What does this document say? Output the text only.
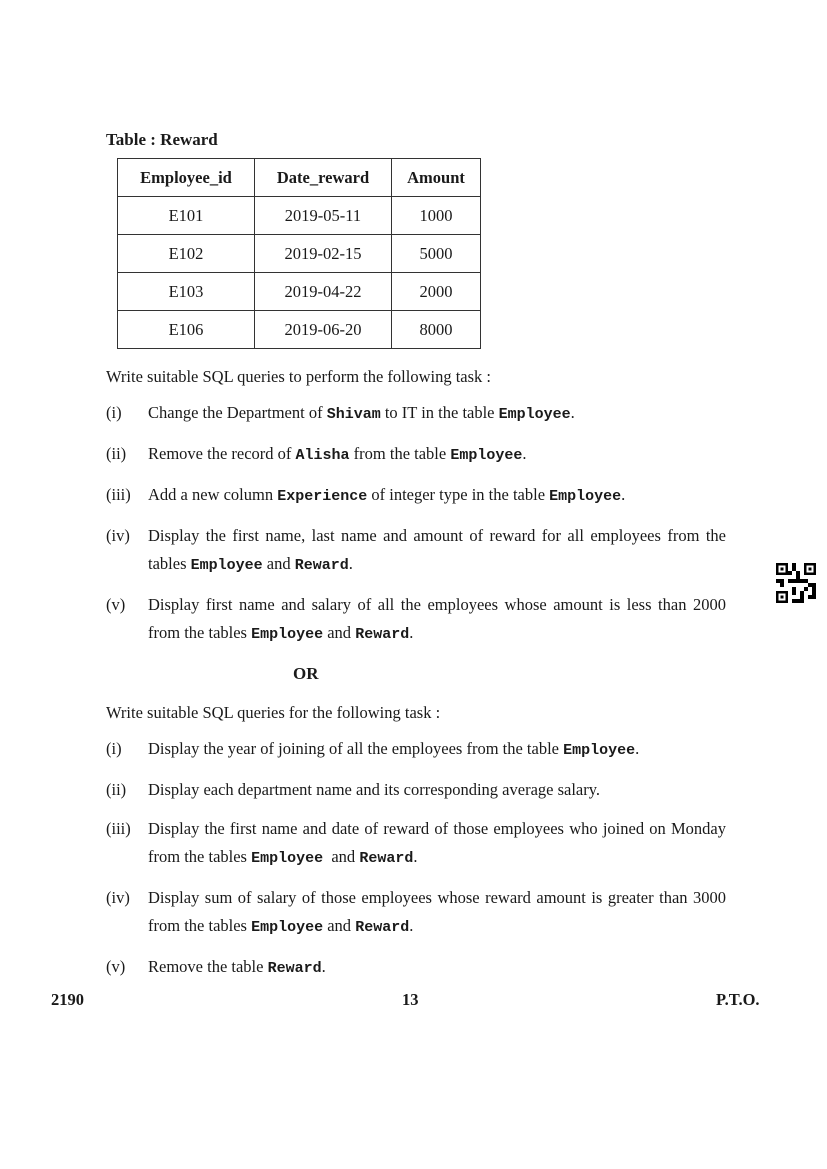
Table : Reward
Employee_id	Date_reward	Amount
E101	2019-05-11	1000
E102	2019-02-15	5000
E103	2019-04-22	2000
E106	2019-06-20	8000
Write suitable SQL queries to perform the following task :
(i) Change the Department of Shivam to IT in the table Employee.
(ii) Remove the record of Alisha from the table Employee.
(iii) Add a new column Experience of integer type in the table Employee.
(iv) Display the first name, last name and amount of reward for all employees from the tables Employee and Reward.
(v) Display first name and salary of all the employees whose amount is less than 2000 from the tables Employee and Reward.
OR
Write suitable SQL queries for the following task :
(i) Display the year of joining of all the employees from the table Employee.
(ii) Display each department name and its corresponding average salary.
(iii) Display the first name and date of reward of those employees who joined on Monday from the tables Employee  and Reward.
(iv) Display sum of salary of those employees whose reward amount is greater than 3000 from the tables Employee and Reward.
(v) Remove the table Reward.
2190	13	P.T.O.
